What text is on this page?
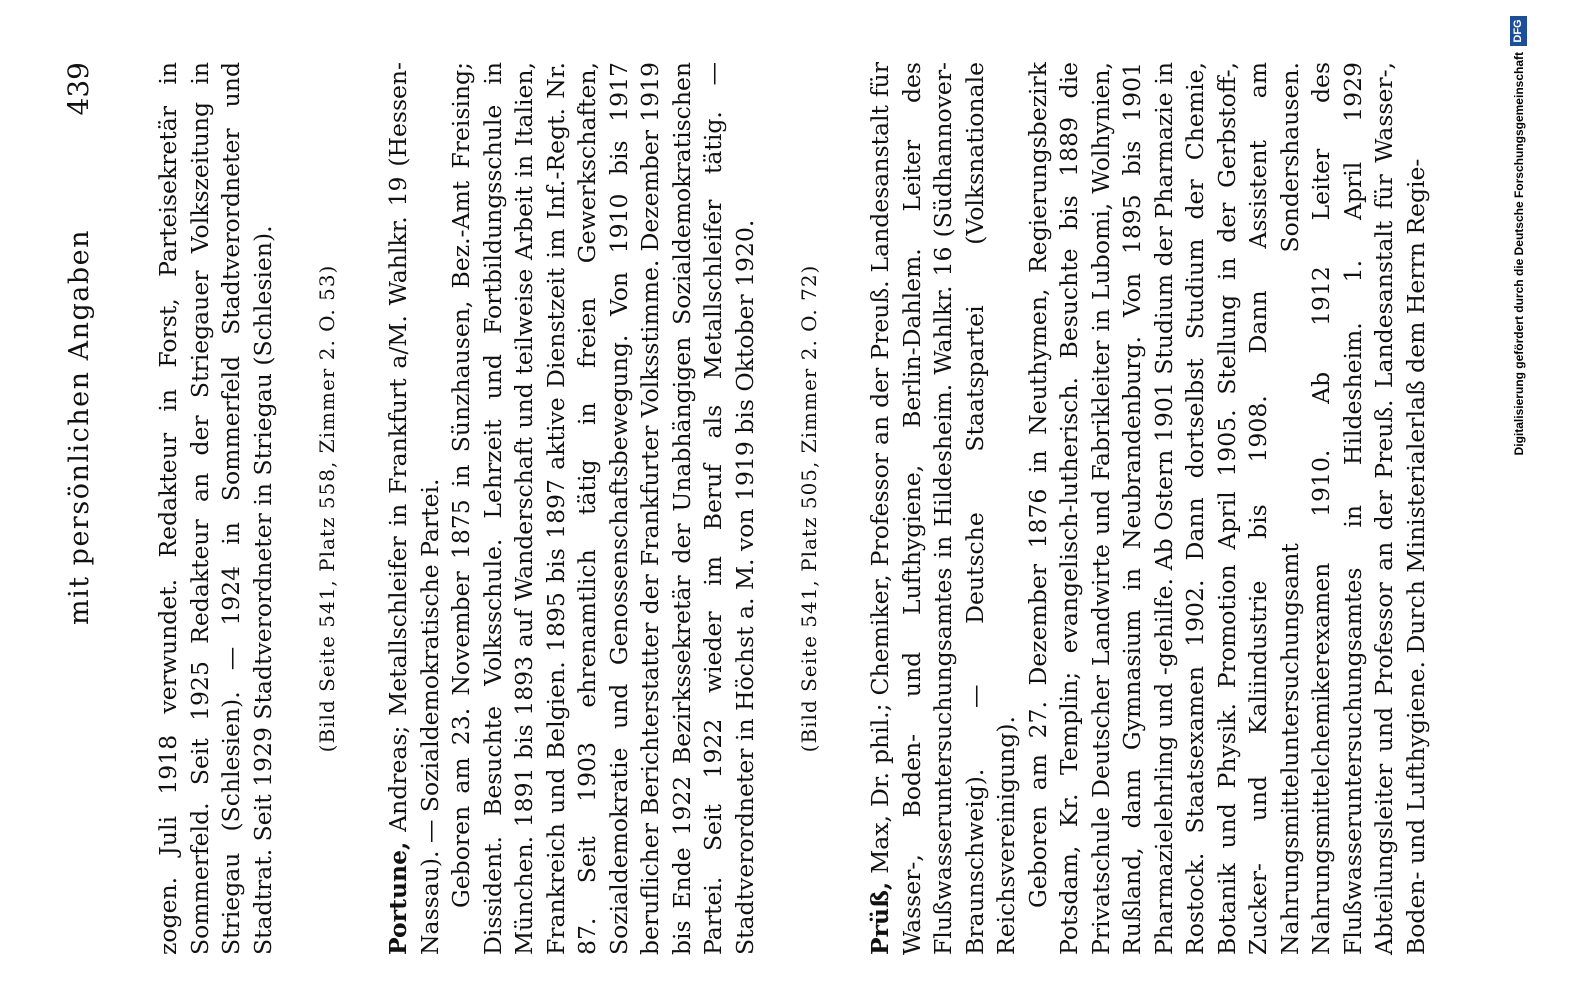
mit persönlichen Angaben
439	zogen. Juli 1918 verwundet. Redakteur in Forst, Parteisekretär in Sommerfeld. Seit 1925 Redakteur an der Striegauer Volkszeitung in Striegau (Schlesien). — 1924 in Sommerfeld Stadtverordneter und Stadtrat. Seit 1929 Stadtverordneter in Striegau (Schlesien). (Bild Seite 541, Platz 558, Zimmer 2. O. 53)

Portune, Andreas; Metallschleifer in Frankfurt a/M. Wahlkr. 19 (Hessen-Nassau). — Sozialdemokratische Partei. Geboren am 23. November 1875 in Sünzhausen, Bez.-Amt Freising; Dissident. Besuchte Volksschule. Lehrzeit und Fortbildungsschule in München. 1891 bis 1893 auf Wanderschaft und teilweise Arbeit in Italien, Frankreich und Belgien. 1895 bis 1897 aktive Dienstzeit im Inf.-Regt. Nr. 87. Seit 1903 ehrenamtlich tätig in freien Gewerkschaften, Sozialdemokratie und Genossenschaftsbewegung. Von 1910 bis 1917 beruflicher Berichterstatter der Frankfurter Volksstimme. Dezember 1919 bis Ende 1922 Bezirkssekretär der Unabhängigen Sozialdemokratischen Partei. Seit 1922 wieder im Beruf als Metallschleifer tätig. — Stadtverordneter in Höchst a. M. von 1919 bis Oktober 1920. (Bild Seite 541, Platz 505, Zimmer 2. O. 72)

Prüß, Max, Dr. phil.; Chemiker, Professor an der Preuß. Landesanstalt für Wasser-, Boden- und Lufthygiene, Berlin-Dahlem. Leiter des Flußwasseruntersuchungsamtes in Hildesheim. Wahlkr. 16 (Südhannover-Braunschweig). — Deutsche Staatspartei (Volksnationale Reichsvereinigung). Geboren am 27. Dezember 1876 in Neuthymen, Regierungsbezirk Potsdam, Kr. Templin; evangelisch-lutherisch. Besuchte bis 1889 die Privatschule Deutscher Landwirte und Fabrikleiter in Lubomi, Wolhynien, Rußland, dann Gymnasium in Neubrandenburg. Von 1895 bis 1901 Pharmazielehrling und -gehilfe. Ab Ostern 1901 Studium der Pharmazie in Rostock. Staatsexamen 1902. Dann dortselbst Studium der Chemie, Botanik und Physik. Promotion April 1905. Stellung in der Gerbstoff-, Zucker- und Kaliindustrie bis 1908. Dann Assistent am Nahrungsmitteluntersuchungsamt Sondershausen. Nahrungsmittelchemikerexamen 1910. Ab 1912 Leiter des Flußwasseruntersuchungsamtes in Hildesheim. 1. April 1929 Abteilungsleiter und Professor an der Preuß. Landesanstalt für Wasser-, Boden- und Lufthygiene. Durch Ministerialerlaß dem Herrn Regie-	Digitalisierung gefördert durch die Deutsche Forschungsgemeinschaft
DFG
